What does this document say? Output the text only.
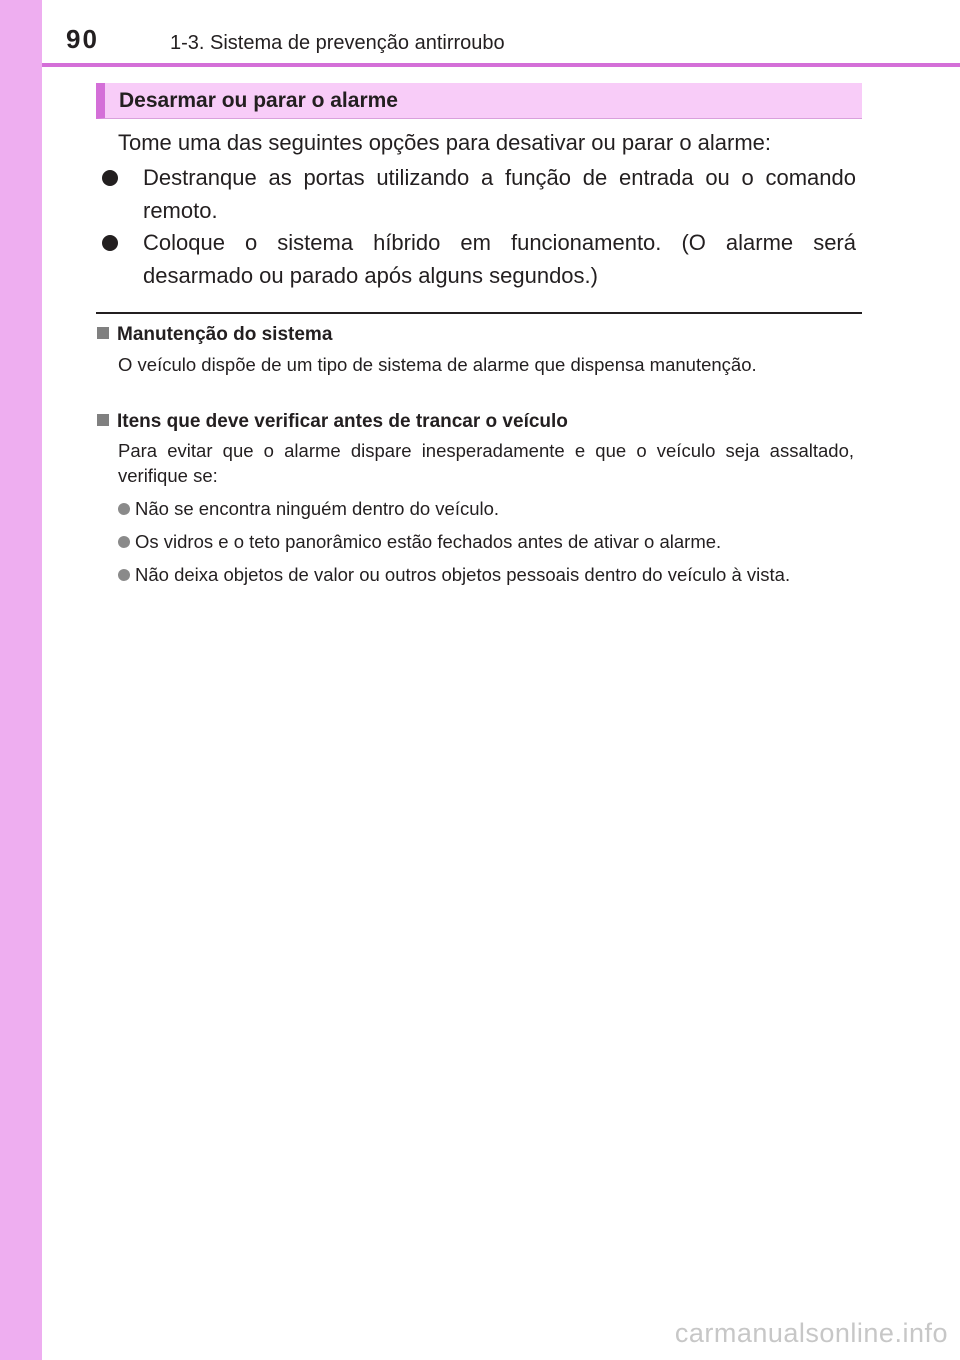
90	1-3. Sistema de prevenção antirroubo
Desarmar ou parar o alarme
Tome uma das seguintes opções para desativar ou parar o alarme:
Destranque as portas utilizando a função de entrada ou o comando remoto.
Coloque o sistema híbrido em funcionamento. (O alarme será desarmado ou parado após alguns segundos.)
Manutenção do sistema
O veículo dispõe de um tipo de sistema de alarme que dispensa manutenção.
Itens que deve verificar antes de trancar o veículo
Para evitar que o alarme dispare inesperadamente e que o veículo seja assaltado, verifique se:
Não se encontra ninguém dentro do veículo.
Os vidros e o teto panorâmico estão fechados antes de ativar o alarme.
Não deixa objetos de valor ou outros objetos pessoais dentro do veículo à vista.
carmanualsonline.info
